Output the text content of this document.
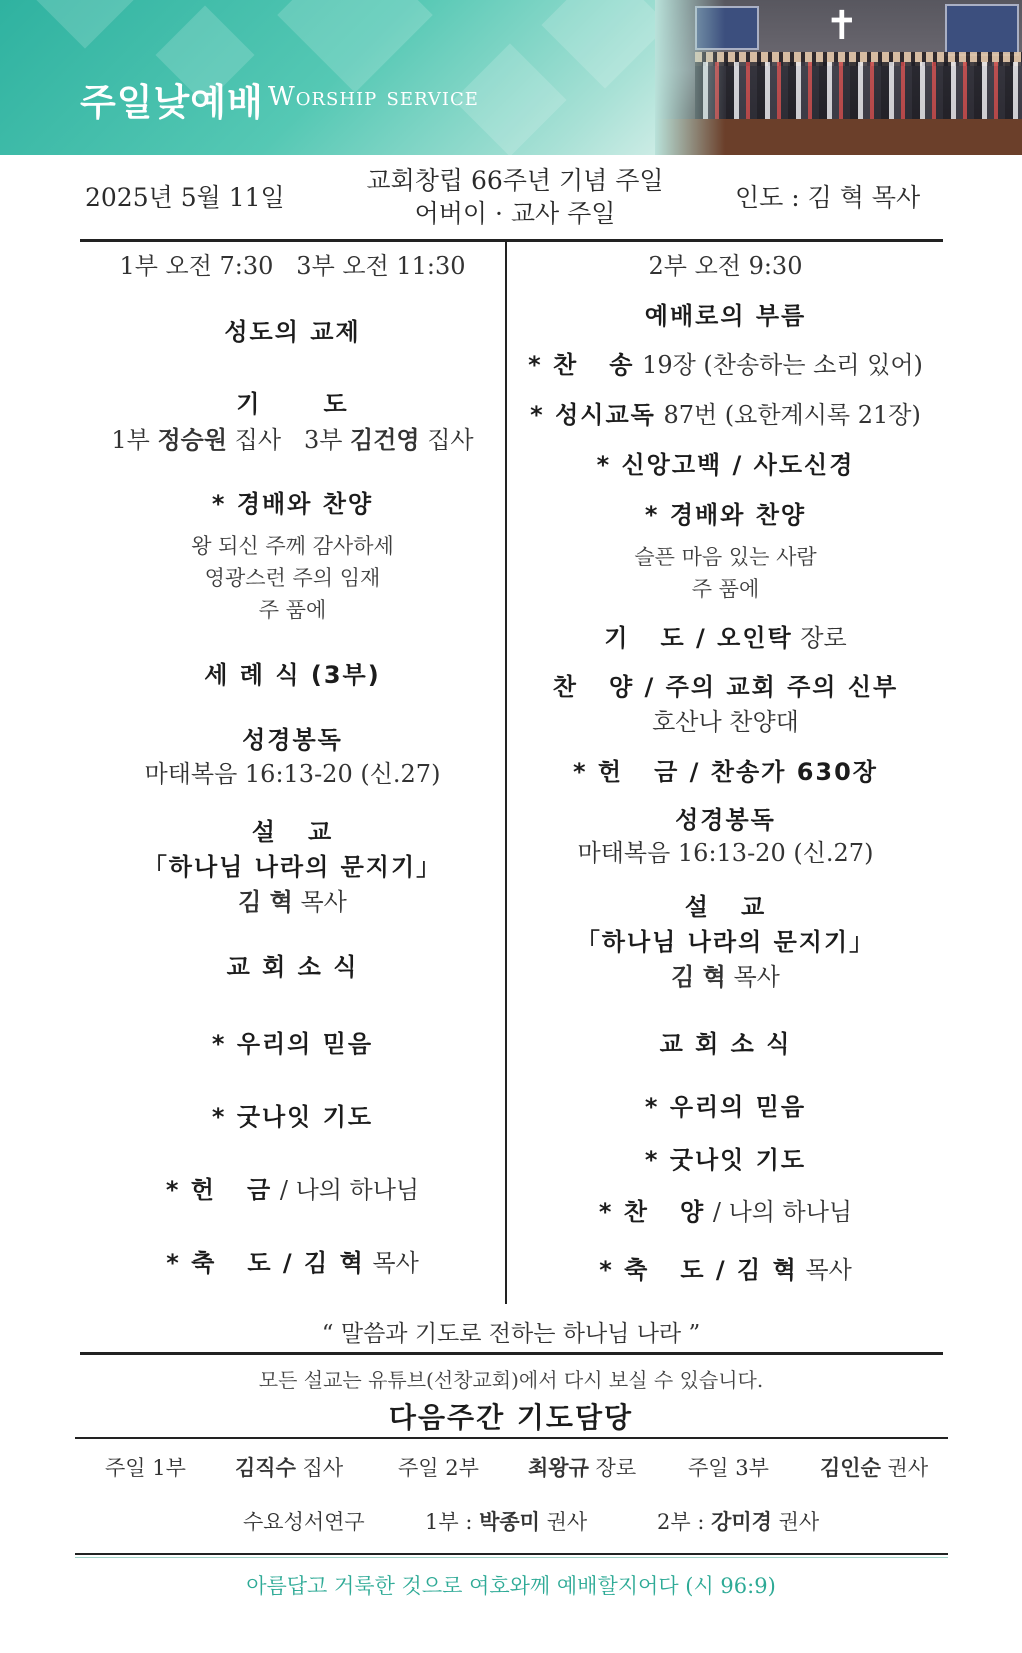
주일낮예배 Worship service
✝
2025년 5월 11일
교회창립 66주년 기념 주일
어버이 · 교사 주일
인도 : 김 혁 목사
1부 오전 7:30   3부 오전 11:30
성도의 교제
기      도
1부 정승원 집사   3부 김건영 집사
* 경배와 찬양
왕 되신 주께 감사하세
영광스런 주의 임재
주 품에
세 례 식 (3부)
성경봉독
마태복음 16:13-20 (신.27)
설   교
「하나님 나라의 문지기」
김 혁 목사
교 회 소 식
* 우리의 믿음
* 굿나잇 기도
* 헌   금 / 나의 하나님
* 축   도 / 김 혁 목사
2부 오전 9:30
예배로의 부름
* 찬   송 19장 (찬송하는 소리 있어)
* 성시교독 87번 (요한계시록 21장)
* 신앙고백 / 사도신경
* 경배와 찬양
슬픈 마음 있는 사람
주 품에
기   도 / 오인탁 장로
찬   양 / 주의 교회 주의 신부
호산나 찬양대
* 헌   금 / 찬송가 630장
성경봉독
마태복음 16:13-20 (신.27)
설   교
「하나님 나라의 문지기」
김 혁 목사
교 회 소 식
* 우리의 믿음
* 굿나잇 기도
* 찬   양 / 나의 하나님
* 축   도 / 김 혁 목사
“ 말씀과 기도로 전하는 하나님 나라 ”
모든 설교는 유튜브(선창교회)에서 다시 보실 수 있습니다.
다음주간 기도담당
주일 1부 김직수 집사	주일 2부 최왕규 장로 주일 3부 김인순 권사
수요성서연구	1부 : 박종미 권사	2부 : 강미경 권사
아름답고 거룩한 것으로 여호와께 예배할지어다 (시 96:9)
